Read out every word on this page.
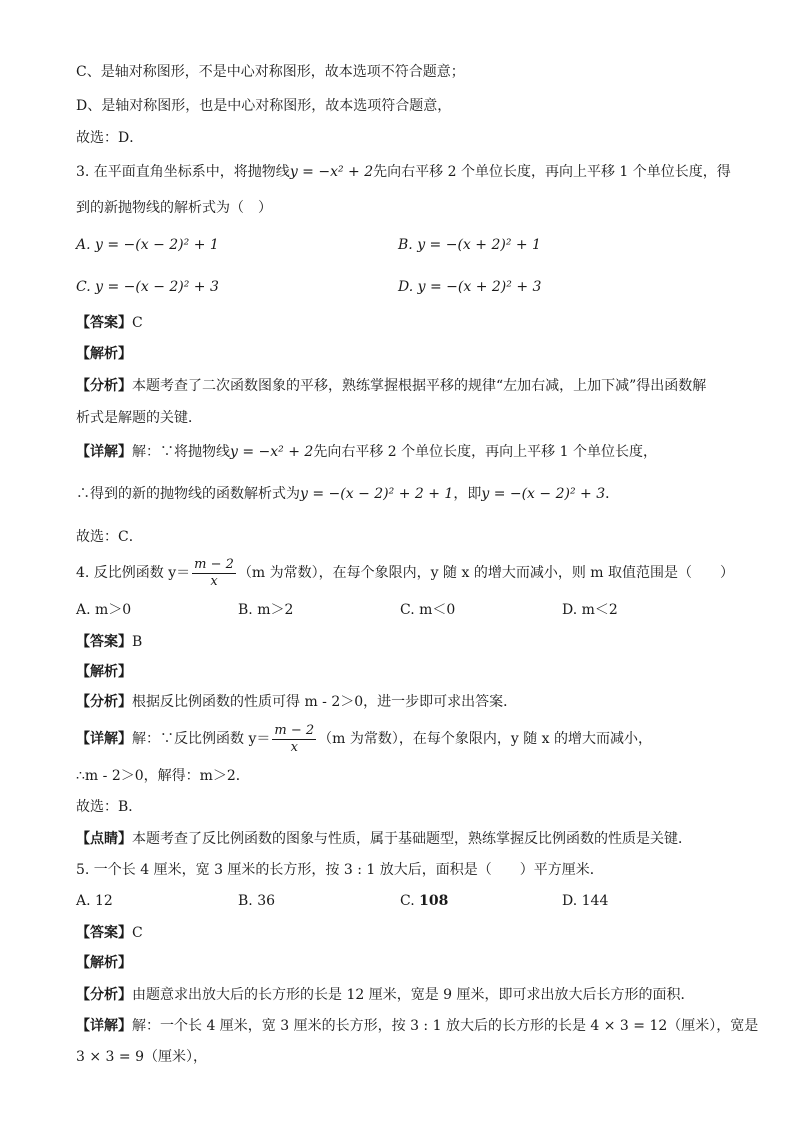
C、是轴对称图形，不是中心对称图形，故本选项不符合题意；
D、是轴对称图形，也是中心对称图形，故本选项符合题意，
故选：D．
3. 在平面直角坐标系中，将抛物线y = −x² + 2先向右平移 2 个单位长度，再向上平移 1 个单位长度，得
到的新抛物线的解析式为（　）
A. y = −(x − 2)² + 1	B. y = −(x + 2)² + 1
C. y = −(x − 2)² + 3	D. y = −(x + 2)² + 3
【答案】C
【解析】
【分析】本题考查了二次函数图象的平移，熟练掌握根据平移的规律“左加右减，上加下减”得出函数解
析式是解题的关键．
【详解】解：∵将抛物线y = −x² + 2先向右平移 2 个单位长度，再向上平移 1 个单位长度，
∴得到的新的抛物线的函数解析式为y = −(x − 2)² + 2 + 1，即y = −(x − 2)² + 3．
故选：C．
4. 反比例函数 $y= \frac{m - 2}{x} (m$ 为常数），在每个象限内，y 随 x 的增大而减小，则 m 取值范围是（　　）
A. m＞0	B. m＞2	C. m＜0	D. m＜2
【答案】B
【解析】
【分析】根据反比例函数的性质可得 m - 2＞0，进一步即可求出答案．
【详解】解：∵反比例函数 $y= \frac{m - 2}{x} (m$ 为常数），在每个象限内，y 随 x 的增大而减小，
∴m - 2＞0，解得：m＞2．
故选：B．
【点睛】本题考查了反比例函数的图象与性质，属于基础题型，熟练掌握反比例函数的性质是关键．
5. 一个长 4 厘米，宽 3 厘米的长方形，按 3 : 1 放大后，面积是（　　）平方厘米．
A. 12	B. 36	C. 108	D. 144
【答案】C
【解析】
【分析】由题意求出放大后的长方形的长是 12 厘米，宽是 9 厘米，即可求出放大后长方形的面积．
【详解】解：一个长 4 厘米，宽 3 厘米的长方形，按 3 : 1 放大后的长方形的长是 4 × 3 = 12（厘米），宽是
3 × 3 = 9（厘米），
